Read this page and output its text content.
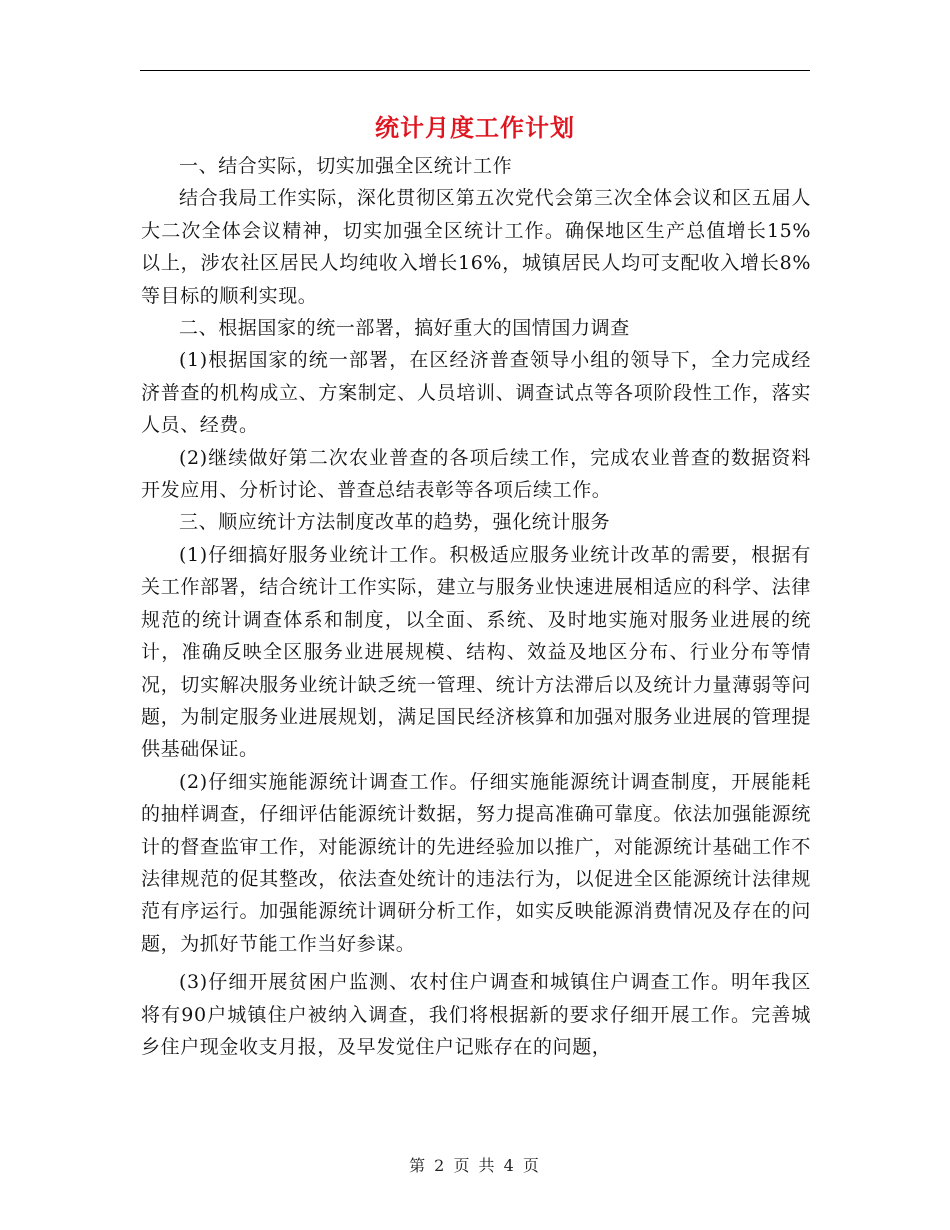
统计月度工作计划

一、结合实际，切实加强全区统计工作

结合我局工作实际，深化贯彻区第五次党代会第三次全体会议和区五届人大二次全体会议精神，切实加强全区统计工作。确保地区生产总值增长15%以上，涉农社区居民人均纯收入增长16%，城镇居民人均可支配收入增长8%等目标的顺利实现。

二、根据国家的统一部署，搞好重大的国情国力调查

(1)根据国家的统一部署，在区经济普查领导小组的领导下，全力完成经济普查的机构成立、方案制定、人员培训、调查试点等各项阶段性工作，落实人员、经费。

(2)继续做好第二次农业普查的各项后续工作，完成农业普查的数据资料开发应用、分析讨论、普查总结表彰等各项后续工作。

三、顺应统计方法制度改革的趋势，强化统计服务

(1)仔细搞好服务业统计工作。积极适应服务业统计改革的需要，根据有关工作部署，结合统计工作实际，建立与服务业快速进展相适应的科学、法律规范的统计调查体系和制度，以全面、系统、及时地实施对服务业进展的统计，准确反映全区服务业进展规模、结构、效益及地区分布、行业分布等情况，切实解决服务业统计缺乏统一管理、统计方法滞后以及统计力量薄弱等问题，为制定服务业进展规划，满足国民经济核算和加强对服务业进展的管理提供基础保证。

(2)仔细实施能源统计调查工作。仔细实施能源统计调查制度，开展能耗的抽样调查，仔细评估能源统计数据，努力提高准确可靠度。依法加强能源统计的督查监审工作，对能源统计的先进经验加以推广，对能源统计基础工作不法律规范的促其整改，依法查处统计的违法行为，以促进全区能源统计法律规范有序运行。加强能源统计调研分析工作，如实反映能源消费情况及存在的问题，为抓好节能工作当好参谋。

(3)仔细开展贫困户监测、农村住户调查和城镇住户调查工作。明年我区将有90户城镇住户被纳入调查，我们将根据新的要求仔细开展工作。完善城乡住户现金收支月报，及早发觉住户记账存在的问题，

第 2 页 共 4 页
